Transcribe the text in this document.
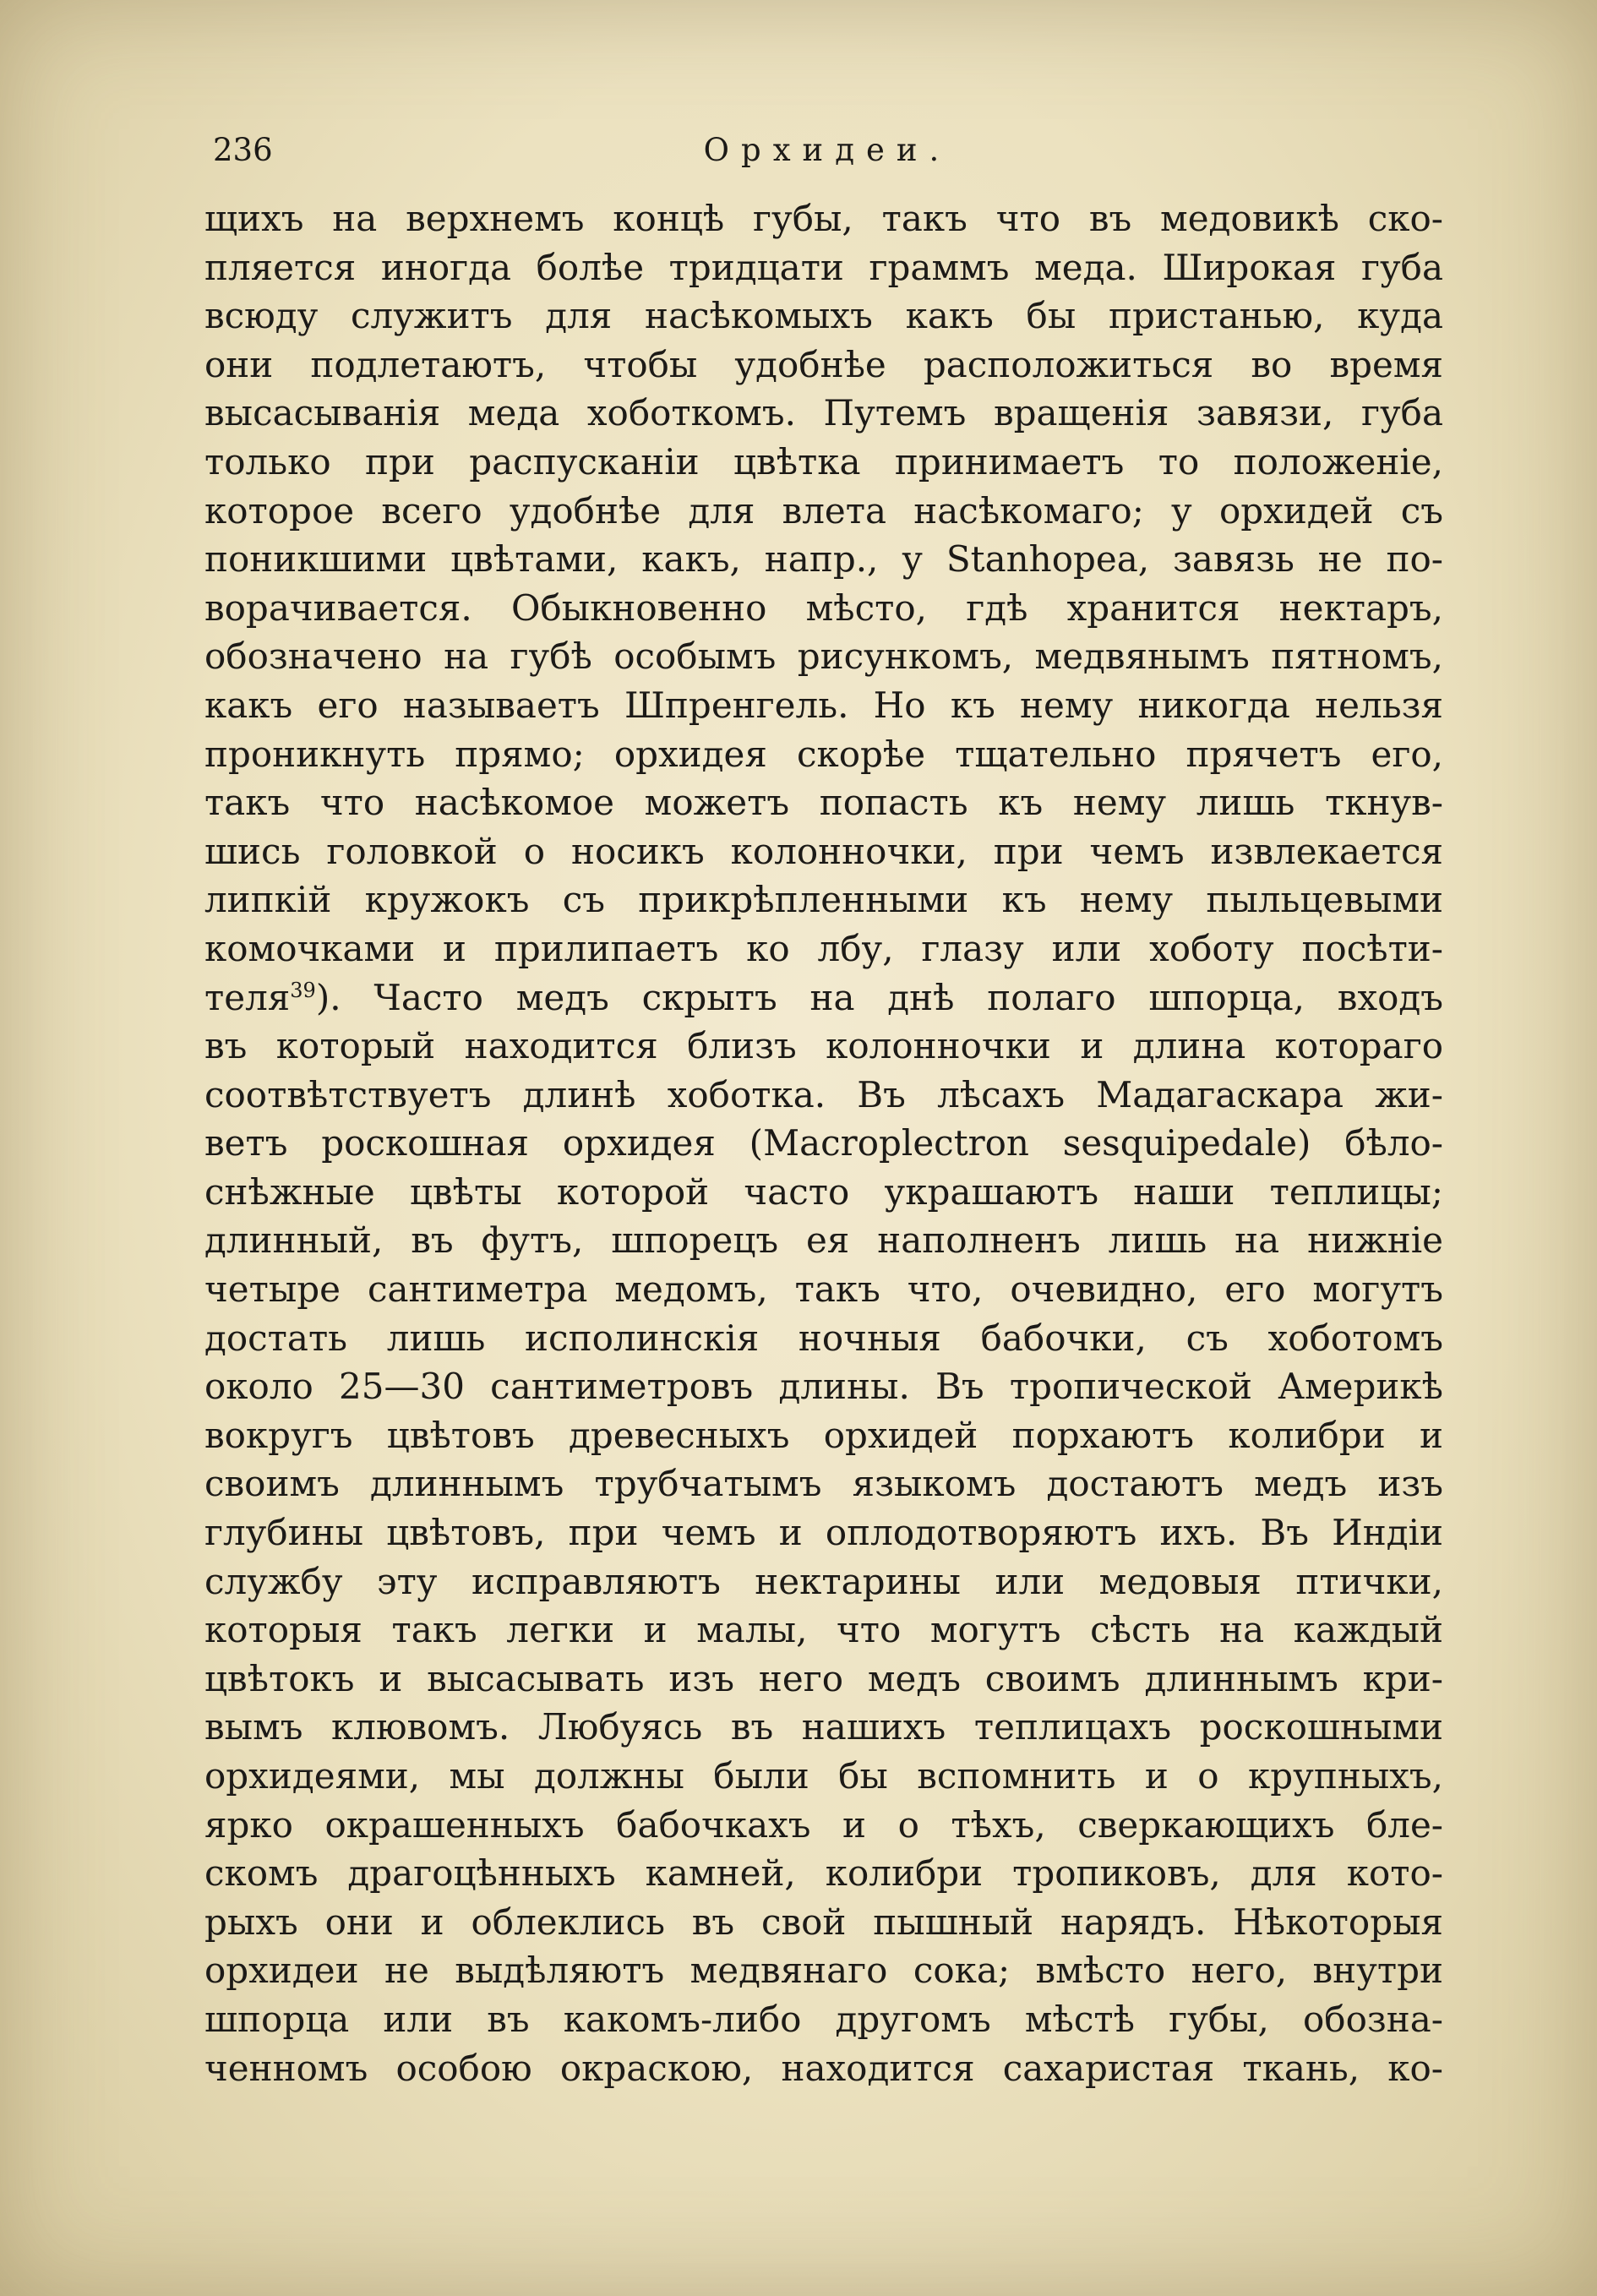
236	Орхидеи.
щихъ на верхнемъ концѣ губы, такъ что въ медовикѣ ско-
пляется иногда болѣе тридцати граммъ меда. Широкая губа
всюду служитъ для насѣкомыхъ какъ бы пристанью, куда
они подлетаютъ, чтобы удобнѣе расположиться во время
высасыванія меда хоботкомъ. Путемъ вращенія завязи, губа
только при распусканіи цвѣтка принимаетъ то положеніе,
которое всего удобнѣе для влета насѣкомаго; у орхидей съ
поникшими цвѣтами, какъ, напр., у Stanhopea, завязь не по-
ворачивается. Обыкновенно мѣсто, гдѣ хранится нектаръ,
обозначено на губѣ особымъ рисункомъ, медвянымъ пятномъ,
какъ его называетъ Шпренгель. Но къ нему никогда нельзя
проникнуть прямо; орхидея скорѣе тщательно прячетъ его,
такъ что насѣкомое можетъ попасть къ нему лишь ткнув-
шись головкой о носикъ колонночки, при чемъ извлекается
липкій кружокъ съ прикрѣпленными къ нему пыльцевыми
комочками и прилипаетъ ко лбу, глазу или хоботу посѣти-
теля$^{39}$). Часто медъ скрытъ на днѣ полаго шпорца, входъ
въ который находится близъ колонночки и длина котораго
соотвѣтствуетъ длинѣ хоботка. Въ лѣсахъ Мадагаскара жи-
ветъ роскошная орхидея (Macroplectron sesquipedale) бѣло-
снѣжные цвѣты которой часто украшаютъ наши теплицы;
длинный, въ футъ, шпорецъ ея наполненъ лишь на нижніе
четыре сантиметра медомъ, такъ что, очевидно, его могутъ
достать лишь исполинскія ночныя бабочки, съ хоботомъ
около 25—30 сантиметровъ длины. Въ тропической Америкѣ
вокругъ цвѣтовъ древесныхъ орхидей порхаютъ колибри и
своимъ длиннымъ трубчатымъ языкомъ достаютъ медъ изъ
глубины цвѣтовъ, при чемъ и оплодотворяютъ ихъ. Въ Индіи
службу эту исправляютъ нектарины или медовыя птички,
которыя такъ легки и малы, что могутъ сѣсть на каждый
цвѣтокъ и высасывать изъ него медъ своимъ длиннымъ кри-
вымъ клювомъ. Любуясь въ нашихъ теплицахъ роскошными
орхидеями, мы должны были бы вспомнить и о крупныхъ,
ярко окрашенныхъ бабочкахъ и о тѣхъ, сверкающихъ бле-
скомъ драгоцѣнныхъ камней, колибри тропиковъ, для кото-
рыхъ они и облеклись въ свой пышный нарядъ. Нѣкоторыя
орхидеи не выдѣляютъ медвянаго сока; вмѣсто него, внутри
шпорца или въ какомъ-либо другомъ мѣстѣ губы, обозна-
ченномъ особою окраскою, находится сахаристая ткань, ко-
